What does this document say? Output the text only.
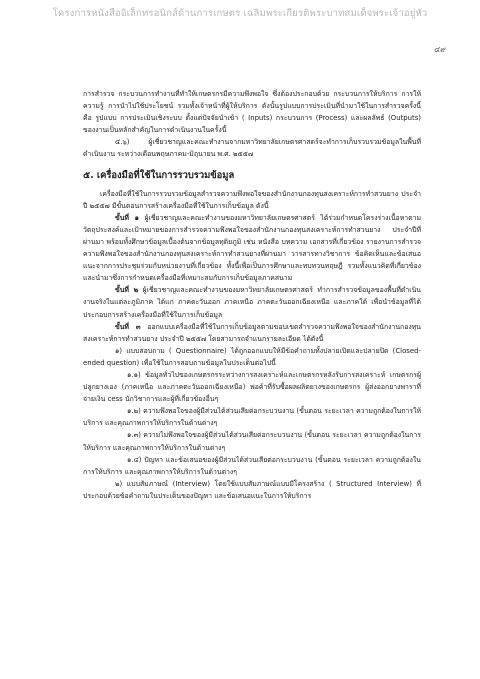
โครงการหนังสืออิเล็กทรอนิกส์ด้านการเกษตร เฉลิมพระเกียรติพระบาทสมเด็จพระเจ้าอยู่หัว
๔๙

การสำรวจ กระบวนการทำงานที่ทำให้เกษตรกรมีความพึงพอใจ ซึ่งต้องประกอบด้วย กระบวนการให้บริการ การให้ความรู้ การนำไปใช้ประโยชน์ รวมทั้งเจ้าหน้าที่ผู้ให้บริการ ดังนั้นรูปแบบการประเมินที่นำมาใช้ในการสำรวจครั้งนี้ คือ รูปแบบ การประเมินเชิงระบบ ตั้งแต่ปัจจัยนำเข้า ( Inputs) กระบวนการ (Process) และผลลัพธ์ (Outputs) ของงานเป็นหลักสำคัญในการดำเนินงานในครั้งนี้

๔.๖) ผู้เชี่ยวชาญและคณะทำงานจากมหาวิทยาลัยเกษตรศาสตร์จะทำการเก็บรวบรวมข้อมูลในพื้นที่ดำเนินงาน ระหว่างเดือนพฤษภาคม-มิถุนายน พ.ศ. ๒๕๕๗

๕. เครื่องมือที่ใช้ในการรวบรวมข้อมูล

เครื่องมือที่ใช้ในการรวบรวมข้อมูลสำรวจความพึงพอใจของสำนักงานกองทุนสงเคราะห์การทำสวนยาง ประจำปี ๒๕๕๗ มีขั้นตอนการสร้างเครื่องมือที่ใช้ในการเก็บข้อมูล ดังนี้

ขั้นที่ ๑ ผู้เชี่ยวชาญและคณะทำงานของมหาวิทยาลัยเกษตรศาสตร์ ได้ร่วมกำหนดโครงร่างเนื้อหาตามวัตถุประสงค์และเป้าหมายของการสำรวจความพึงพอใจของสำนักงานกองทุนสงเคราะห์การทำสวนยาง ประจำปีที่ผ่านมา พร้อมทั้งศึกษาข้อมูลเบื้องต้นจากข้อมูลทุติยภูมิ เช่น หนังสือ บทความ เอกสารที่เกี่ยวข้อง รายงานการสำรวจความพึงพอใจของสำนักงานกองทุนสงเคราะห์การทำสวนยางที่ผ่านมา วารสารทางวิชาการ ข้อคิดเห็นและข้อเสนอแนะจากการประชุมร่วมกับหน่วยงานที่เกี่ยวข้อง ทั้งนี้เพื่อเป็นการศึกษาและทบทวนทฤษฎี รวมทั้งแนวคิดที่เกี่ยวข้อง และนำมาซึ่งการกำหนดเครื่องมือที่เหมาะสมกับการเก็บข้อมูลภาคสนาม

ขั้นที่ ๒ ผู้เชี่ยวชาญและคณะทำงานของมหาวิทยาลัยเกษตรศาสตร์ ทำการสำรวจข้อมูลของพื้นที่ดำเนินงานจริงในแต่ละภูมิภาค ได้แก่ ภาคตะวันออก ภาคเหนือ ภาคตะวันออกเฉียงเหนือ และภาคใต้ เพื่อนำข้อมูลที่ได้ประกอบการสร้างเครื่องมือที่ใช้ในการเก็บข้อมูล

ขั้นที่ ๓ ออกแบบเครื่องมือที่ใช้ในการเก็บข้อมูลตามขอบเขตสำรวจความพึงพอใจของสำนักงานกองทุนสงเคราะห์การทำสวนยาง ประจำปี ๒๕๕๗ โดยสามารถจำแนกรายละเอียด ได้ดังนี้

๑) แบบสอบถาม ( Questionnaire) ได้ถูกออกแบบให้มีข้อคำถามทั้งปลายเปิดและปลายปิด (Closed-ended question) เพื่อใช้ในการสอบถามข้อมูลในประเด็นต่อไปนี้

๑.๑) ข้อมูลทั่วไปของเกษตรกรระหว่างการสงเคราะห์และเกษตรกรหลังรับการสงเคราะห์ เกษตรกรผู้ปลูกยางเอง (ภาคเหนือ และภาคตะวันออกเฉียงเหนือ) พ่อค้าที่รับซื้อผลผลิตยางของเกษตรกร ผู้ส่งออกยางพาราที่จ่ายเงิน cess นักวิชาการและผู้ที่เกี่ยวข้องอื่นๆ

๑.๒) ความพึงพอใจของผู้มีส่วนได้ส่วนเสียต่อกระบวนงาน (ขั้นตอน ระยะเวลา ความถูกต้องในการให้บริการ และคุณภาพการให้บริการในด้านต่างๆ

๑.๓) ความไม่พึงพอใจของผู้มีส่วนได้ส่วนเสียต่อกระบวนงาน (ขั้นตอน ระยะเวลา ความถูกต้องในการให้บริการ และคุณภาพการให้บริการในด้านต่างๆ

๑.๔) ปัญหา และข้อเสนอของผู้มีส่วนได้ส่วนเสียต่อกระบวนงาน (ขั้นตอน ระยะเวลา ความถูกต้องในการให้บริการ และคุณภาพการให้บริการในด้านต่างๆ

๒) แบบสัมภาษณ์ (Interview) โดยใช้แบบสัมภาษณ์แบบมีโครงสร้าง ( Structured Interview) ที่ประกอบด้วยข้อคำถามในประเด็นของปัญหา และข้อเสนอแนะในการให้บริการ
